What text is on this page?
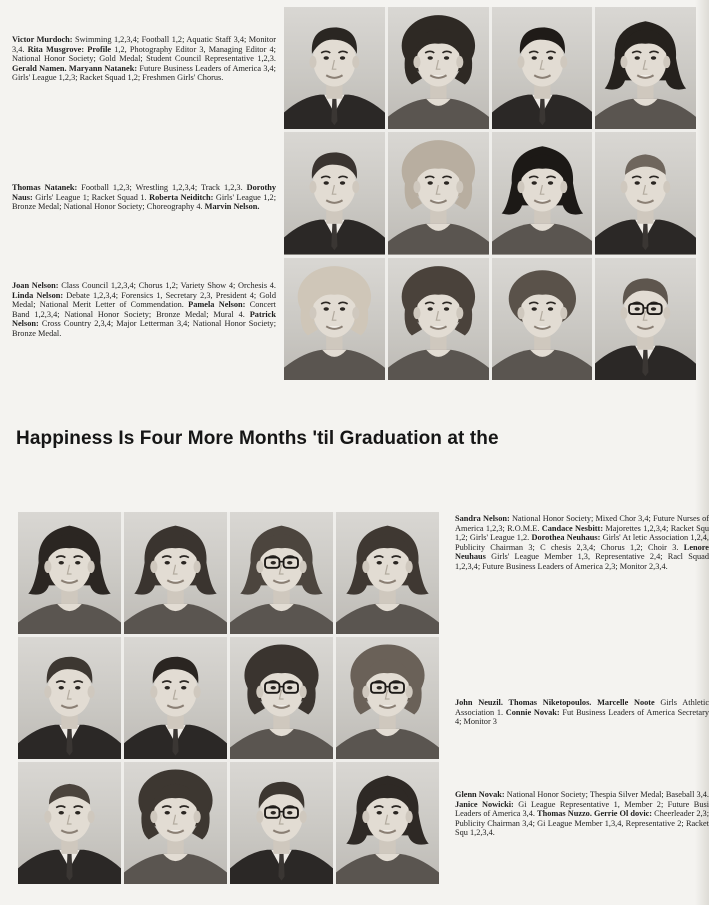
Victor Murdoch: Swimming 1,2,3,4; Football 1,2; Aquatic Staff 3,4; Monitor 3,4. Rita Musgrove: Profile 1,2, Photography Editor 3, Managing Editor 4; National Honor Society; Gold Medal; Student Council Representative 1,2,3. Gerald Namen. Maryann Natanek: Future Business Leaders of America 3,4; Girls' League 1,2,3; Racket Squad 1,2; Freshmen Girls' Chorus.

Thomas Natanek: Football 1,2,3; Wrestling 1,2,3,4; Track 1,2,3. Dorothy Naus: Girls' League 1; Racket Squad 1. Roberta Neiditch: Girls' League 1,2; Bronze Medal; National Honor Society; Choreography 4. Marvin Nelson.

Joan Nelson: Class Council 1,2,3,4; Chorus 1,2; Variety Show 4; Orchesis 4. Linda Nelson: Debate 1,2,3,4; Forensics 1, Secretary 2,3, President 4; Gold Medal; National Merit Letter of Commendation. Pamela Nelson: Concert Band 1,2,3,4; National Honor Society; Bronze Medal; Mural 4. Patrick Nelson: Cross Country 2,3,4; Major Letterman 3,4; National Honor Society; Bronze Medal.

Happiness Is Four More Months 'til Graduation at the

Sandra Nelson: National Honor Society; Mixed Chor 3,4; Future Nurses of America 1,2,3; R.O.M.E. Candace Nesbitt: Majorettes 1,2,3,4; Racket Squ 1,2; Girls' League 1,2. Dorothea Neuhaus: Girls' At letic Association 1,2,4, Publicity Chairman 3; C chesis 2,3,4; Chorus 1,2; Choir 3. Lenore Neuhaus Girls' League Member 1,3, Representative 2,4; Racl Squad 1,2,3,4; Future Business Leaders of America 2,3; Monitor 2,3,4.

John Neuzil. Thomas Niketopoulos. Marcelle Noote Girls Athletic Association 1. Connie Novak: Fut Business Leaders of America Secretary 4; Monitor 3

Glenn Novak: National Honor Society; Thespia Silver Medal; Baseball 3,4. Janice Nowicki: Gi League Representative 1, Member 2; Future Busi Leaders of America 3,4. Thomas Nuzzo. Gerrie Ol dovic: Cheerleader 2,3; Publicity Chairman 3,4; Gi League Member 1,3,4, Representative 2; Racket Squ 1,2,3,4.
